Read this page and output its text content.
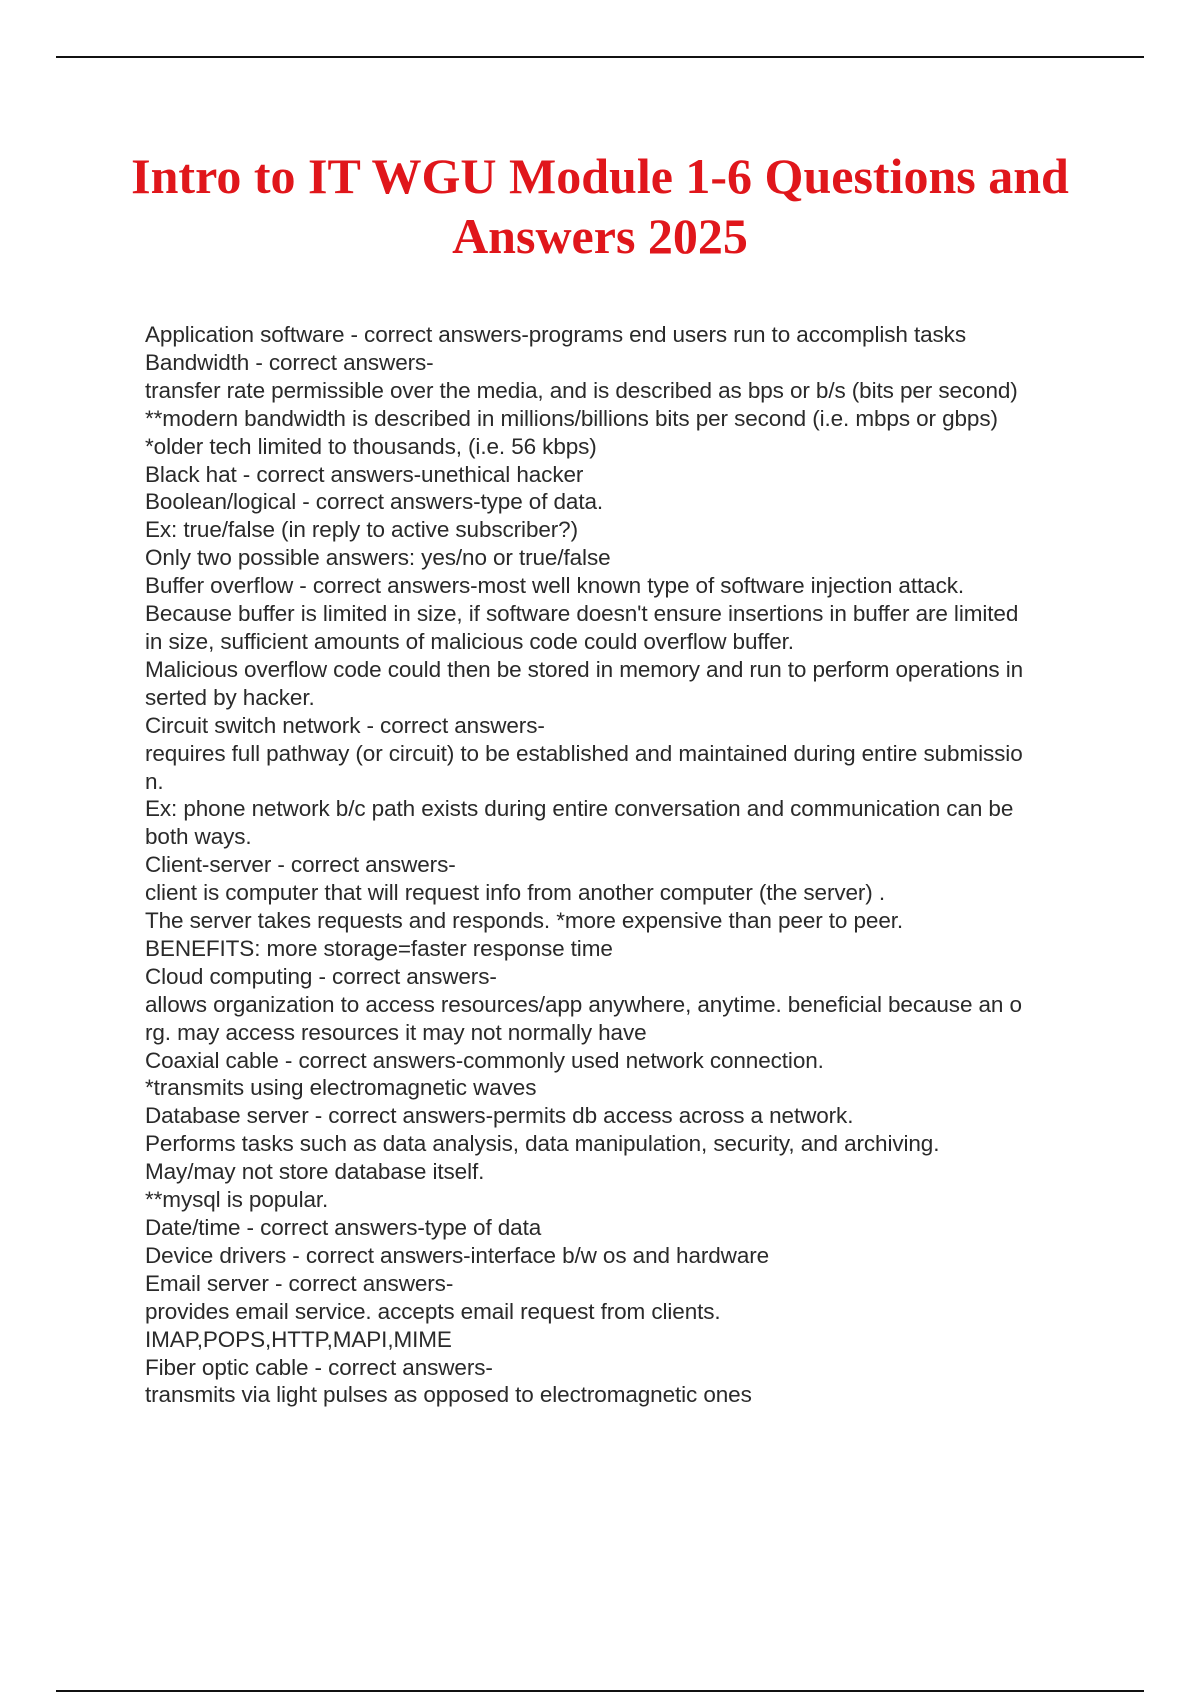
Intro to IT WGU Module 1-6 Questions and Answers 2025
Application software - correct answers-programs end users run to accomplish tasks
Bandwidth - correct answers-
transfer rate permissible over the media, and is described as bps or b/s (bits per second)
**modern bandwidth is described in millions/billions bits per second (i.e. mbps or gbps)
*older tech limited to thousands, (i.e. 56 kbps)
Black hat - correct answers-unethical hacker
Boolean/logical - correct answers-type of data.
Ex: true/false (in reply to active subscriber?)
Only two possible answers: yes/no or true/false
Buffer overflow - correct answers-most well known type of software injection attack.
Because buffer is limited in size, if software doesn't ensure insertions in buffer are limited
in size, sufficient amounts of malicious code could overflow buffer.
Malicious overflow code could then be stored in memory and run to perform operations in
serted by hacker.
Circuit switch network - correct answers-
requires full pathway (or circuit) to be established and maintained during entire submissio
n.
Ex: phone network b/c path exists during entire conversation and communication can be
both ways.
Client-server - correct answers-
client is computer that will request info from another computer (the server) .
The server takes requests and responds. *more expensive than peer to peer.
BENEFITS: more storage=faster response time
Cloud computing - correct answers-
allows organization to access resources/app anywhere, anytime. beneficial because an o
rg. may access resources it may not normally have
Coaxial cable - correct answers-commonly used network connection.
*transmits using electromagnetic waves
Database server - correct answers-permits db access across a network.
Performs tasks such as data analysis, data manipulation, security, and archiving.
May/may not store database itself.
**mysql is popular.
Date/time - correct answers-type of data
Device drivers - correct answers-interface b/w os and hardware
Email server - correct answers-
provides email service. accepts email request from clients.
IMAP,POPS,HTTP,MAPI,MIME
Fiber optic cable - correct answers-
transmits via light pulses as opposed to electromagnetic ones
